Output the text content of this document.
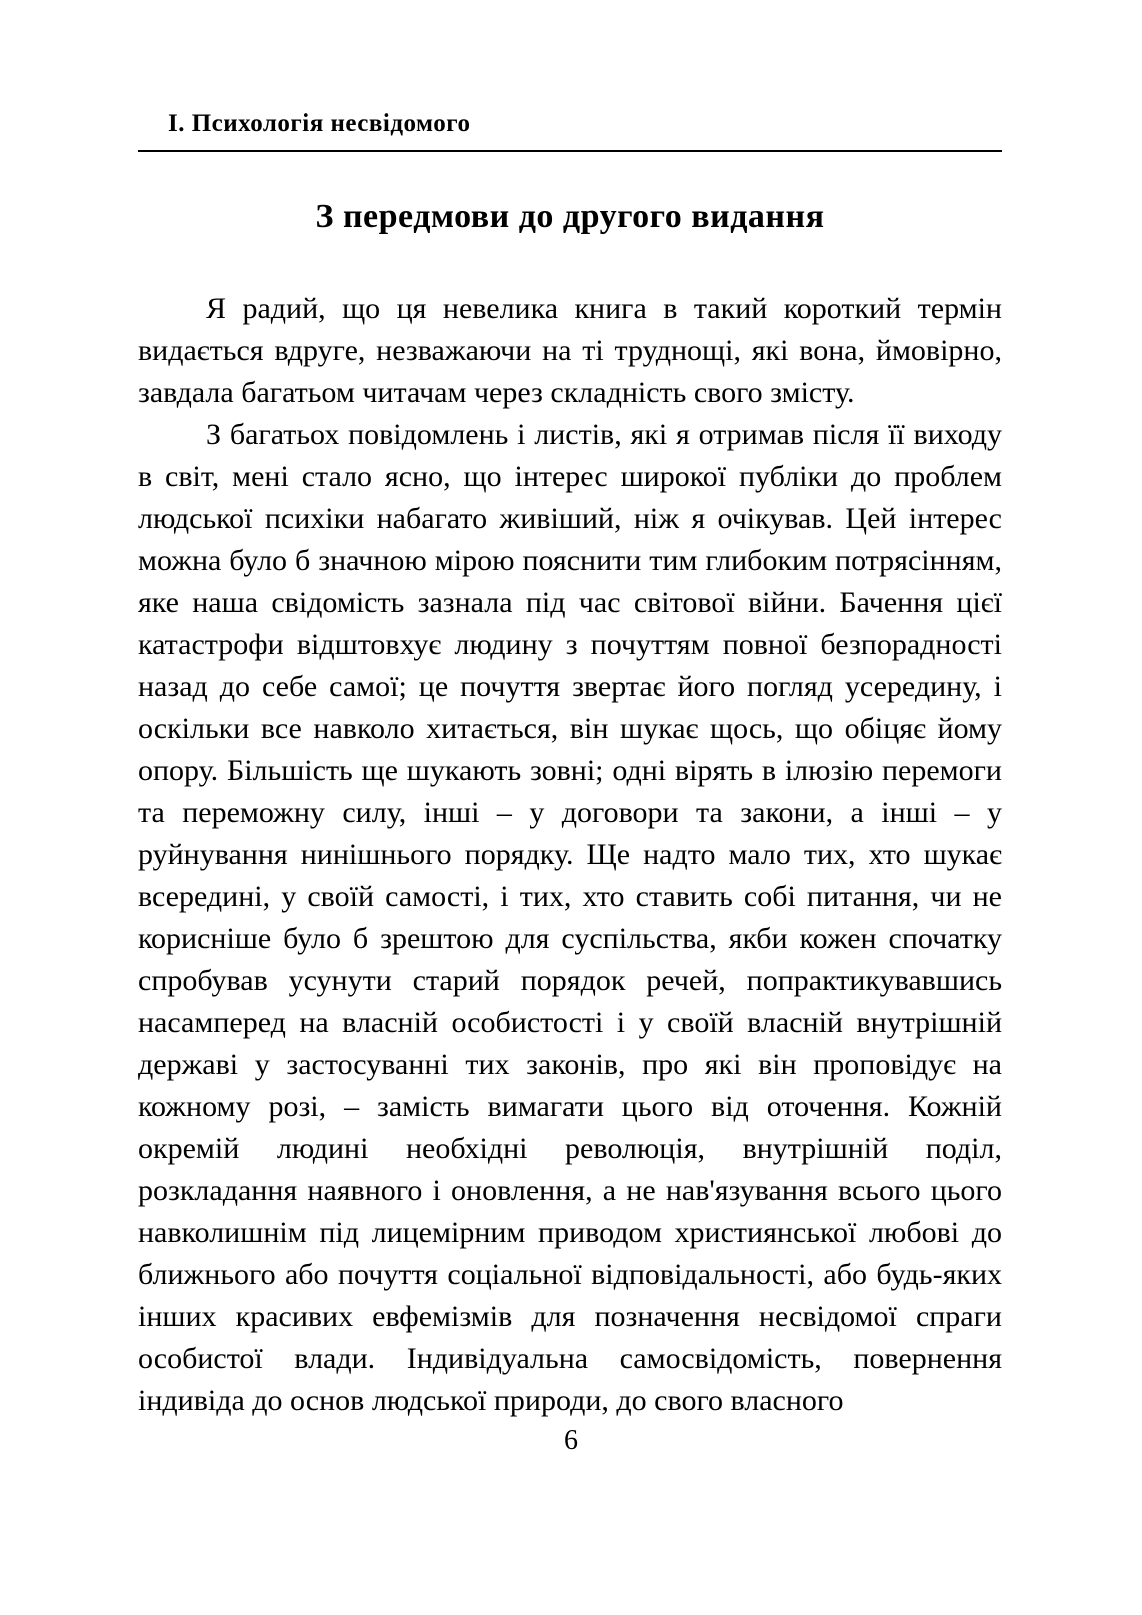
І. Психологія несвідомого
З передмови до другого видання

Я радий, що ця невелика книга в такий короткий термін видається вдруге, незважаючи на ті труднощі, які вона, ймовірно, завдала багатьом читачам через складність свого змісту.

З багатьох повідомлень і листів, які я отримав після її виходу в світ, мені стало ясно, що інтерес широкої публіки до проблем людської психіки набагато живіший, ніж я очікував. Цей інтерес можна було б значною мірою пояснити тим глибоким потрясінням, яке наша свідомість зазнала під час світової війни. Бачення цієї катастрофи відштовхує людину з почуттям повної безпорадності назад до себе самої; це почуття звертає його погляд усередину, і оскільки все навколо хитається, він шукає щось, що обіцяє йому опору. Більшість ще шукають зовні; одні вірять в ілюзію перемоги та переможну силу, інші – у договори та закони, а інші – у руйнування нинішнього порядку. Ще надто мало тих, хто шукає всередині, у своїй самості, і тих, хто ставить собі питання, чи не корисніше було б зрештою для суспільства, якби кожен спочатку спробував усунути старий порядок речей, попрактикувавшись насамперед на власній особистості і у своїй власній внутрішній державі у застосуванні тих законів, про які він проповідує на кожному розі, – замість вимагати цього від оточення. Кожній окремій людині необхідні революція, внутрішній поділ, розкладання наявного і оновлення, а не нав'язування всього цього навколишнім під лицемірним приводом християнської любові до ближнього або почуття соціальної відповідальності, або будь-яких інших красивих евфемізмів для позначення несвідомої спраги особистої влади. Індивідуальна самосвідомість, повернення індивіда до основ людської природи, до свого власного

6
